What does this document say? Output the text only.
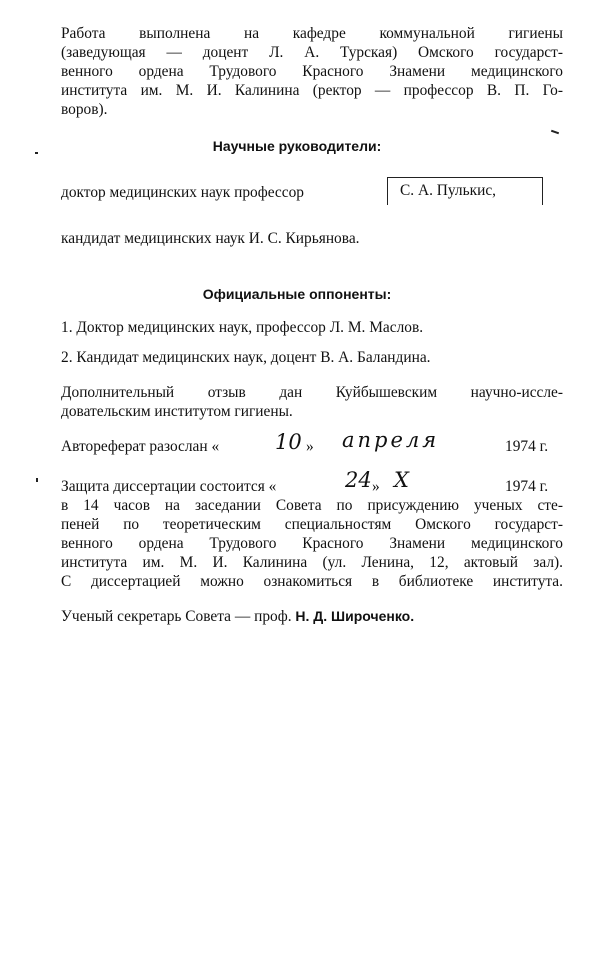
Работа выполнена на кафедре коммунальной гигиены
(заведующая — доцент Л. А. Турская) Омского государст-
венного ордена Трудового Красного Знамени медицинского
института им. М. И. Калинина (ректор — профессор В. П. Го-
воров).
Научные руководители:
доктор медицинских наук профессор	С. А. Пулькис,
кандидат медицинских наук И. С. Кирьянова.
Официальные оппоненты:
1. Доктор медицинских наук, профессор Л. М. Маслов.
2. Кандидат медицинских наук, доцент В. А. Баландина.
Дополнительный отзыв дан Куйбышевским научно-иссле-
довательским институтом гигиены.
Автореферат разослан «	10 » апреля	1974 г.
Защита диссертации состоится «	24 » X	1974 г.
в 14 часов на заседании Совета по присуждению ученых сте-
пеней по теоретическим специальностям Омского государст-
венного ордена Трудового Красного Знамени медицинского
института им. М. И. Калинина (ул. Ленина, 12, актовый зал).
С диссертацией можно ознакомиться в библиотеке института.
Ученый секретарь Совета — проф. Н. Д. Широченко.
